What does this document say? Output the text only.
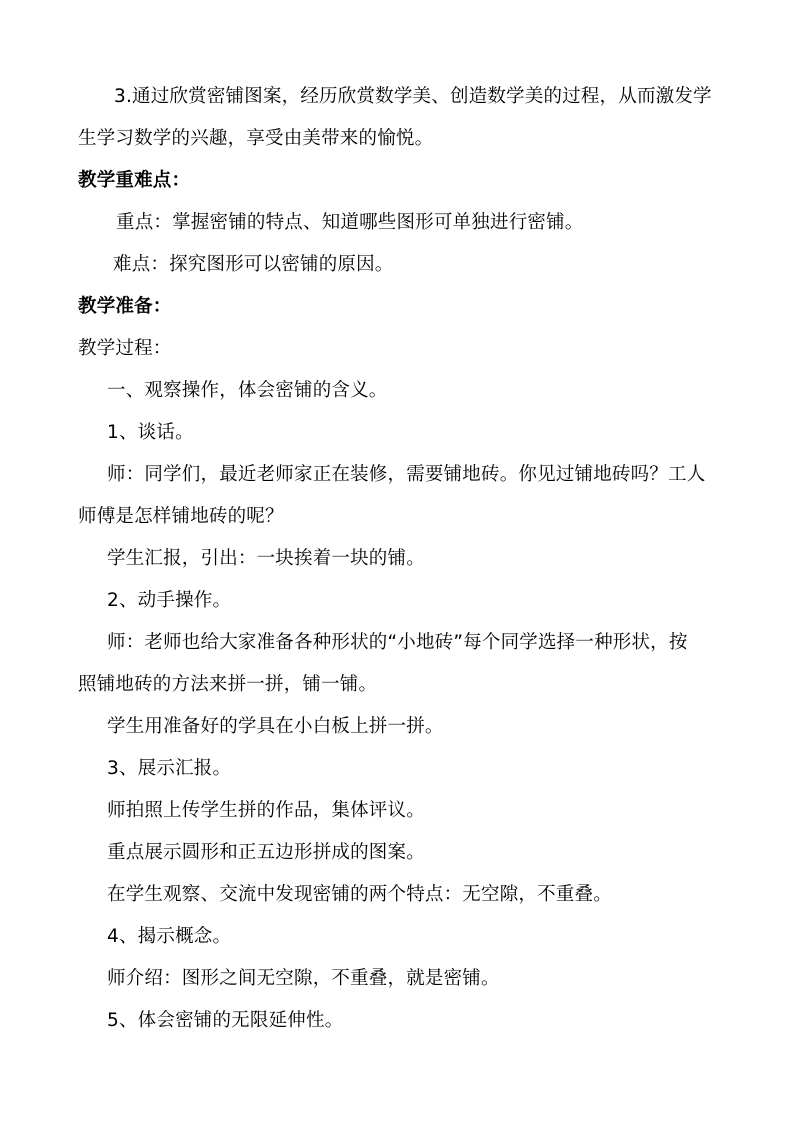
3.通过欣赏密铺图案，经历欣赏数学美、创造数学美的过程，从而激发学
生学习数学的兴趣，享受由美带来的愉悦。
教学重难点：
重点：掌握密铺的特点、知道哪些图形可单独进行密铺。
难点：探究图形可以密铺的原因。
教学准备：
教学过程：
一、观察操作，体会密铺的含义。
1、谈话。
师：同学们，最近老师家正在装修，需要铺地砖。你见过铺地砖吗？工人
师傅是怎样铺地砖的呢？
学生汇报，引出：一块挨着一块的铺。
2、动手操作。
师：老师也给大家准备各种形状的“小地砖”每个同学选择一种形状，按
照铺地砖的方法来拼一拼，铺一铺。
学生用准备好的学具在小白板上拼一拼。
3、展示汇报。
师拍照上传学生拼的作品，集体评议。
重点展示圆形和正五边形拼成的图案。
在学生观察、交流中发现密铺的两个特点：无空隙，不重叠。
4、揭示概念。
师介绍：图形之间无空隙，不重叠，就是密铺。
5、体会密铺的无限延伸性。
